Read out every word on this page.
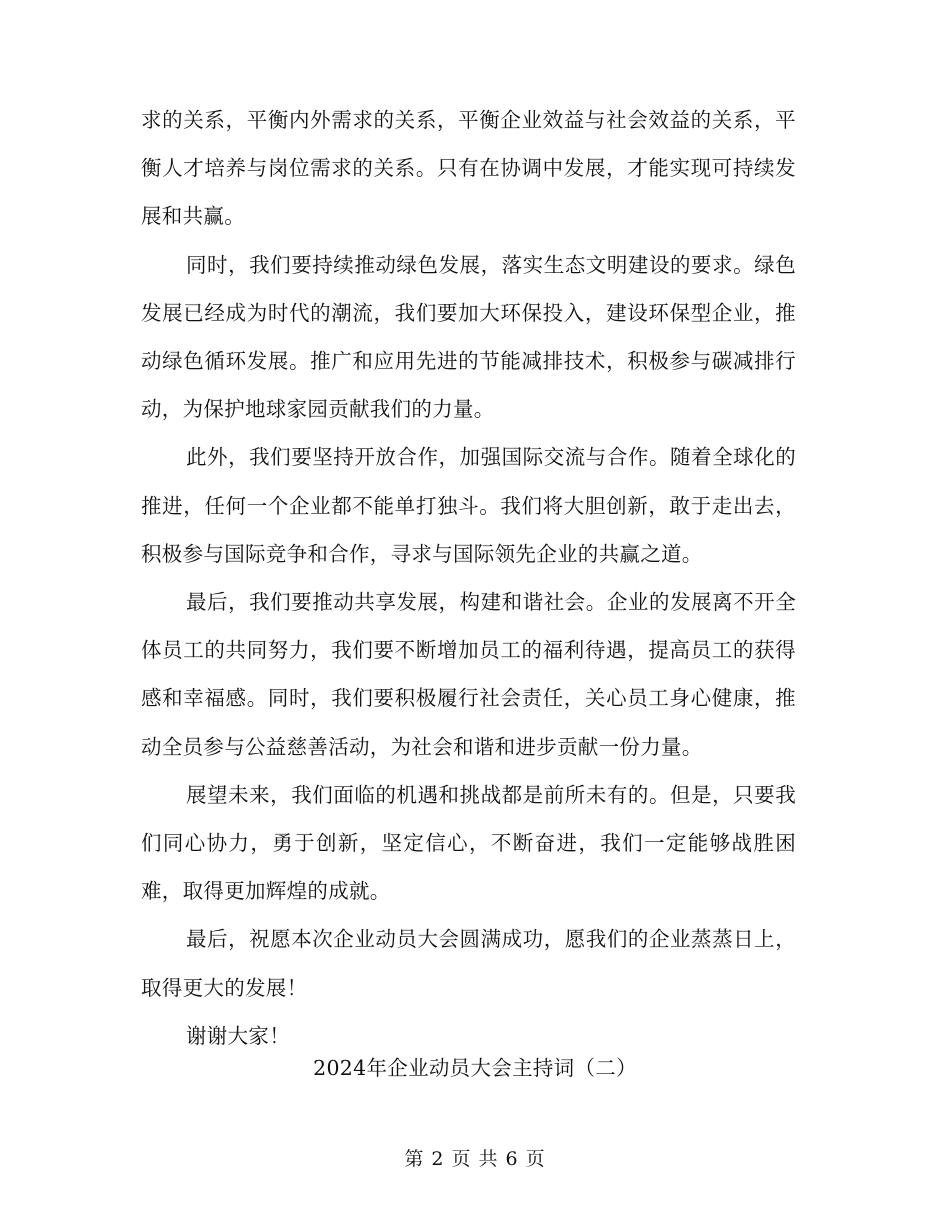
求的关系，平衡内外需求的关系，平衡企业效益与社会效益的关系，平衡人才培养与岗位需求的关系。只有在协调中发展，才能实现可持续发展和共赢。

同时，我们要持续推动绿色发展，落实生态文明建设的要求。绿色发展已经成为时代的潮流，我们要加大环保投入，建设环保型企业，推动绿色循环发展。推广和应用先进的节能减排技术，积极参与碳减排行动，为保护地球家园贡献我们的力量。

此外，我们要坚持开放合作，加强国际交流与合作。随着全球化的推进，任何一个企业都不能单打独斗。我们将大胆创新，敢于走出去，积极参与国际竞争和合作，寻求与国际领先企业的共赢之道。

最后，我们要推动共享发展，构建和谐社会。企业的发展离不开全体员工的共同努力，我们要不断增加员工的福利待遇，提高员工的获得感和幸福感。同时，我们要积极履行社会责任，关心员工身心健康，推动全员参与公益慈善活动，为社会和谐和进步贡献一份力量。

展望未来，我们面临的机遇和挑战都是前所未有的。但是，只要我们同心协力，勇于创新，坚定信心，不断奋进，我们一定能够战胜困难，取得更加辉煌的成就。

最后，祝愿本次企业动员大会圆满成功，愿我们的企业蒸蒸日上，取得更大的发展！

谢谢大家！

2024年企业动员大会主持词（二）
第 2 页 共 6 页
